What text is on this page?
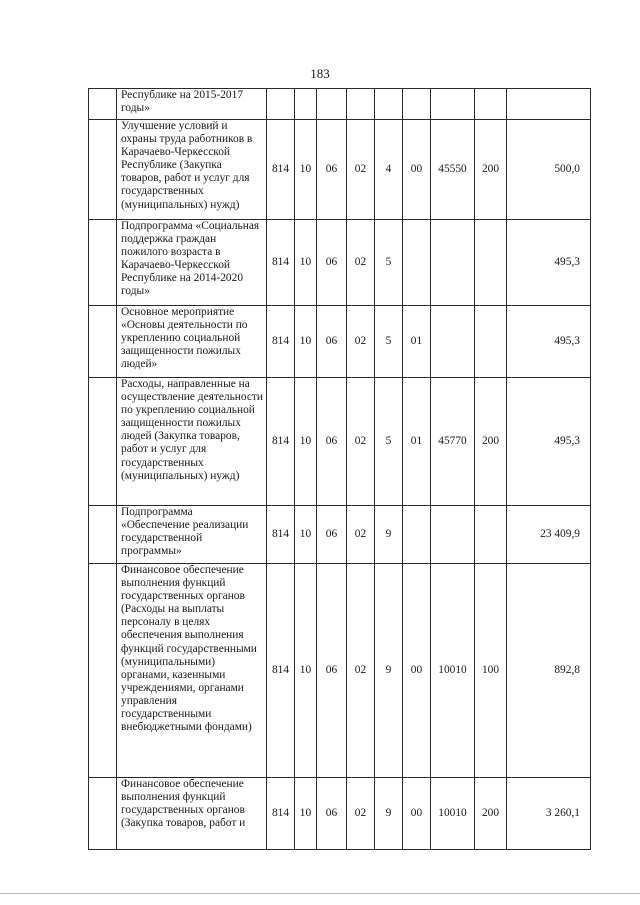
183
	Республике на 2015-2017 годы»									
	Улучшение условий и охраны труда работников в Карачаево-Черкесской Республике (Закупка товаров, работ и услуг для государственных (муниципальных) нужд)	814	10	06	02	4	00	45550	200	500,0
	Подпрограмма «Социальная поддержка граждан пожилого возраста в Карачаево-Черкесской Республике на 2014-2020 годы»	814	10	06	02	5				495,3
	Основное мероприятие «Основы деятельности по укреплению социальной защищенности пожилых людей»	814	10	06	02	5	01			495,3
	Расходы, направленные на осуществление деятельности по укреплению социальной защищенности пожилых людей (Закупка товаров, работ и услуг для государственных (муниципальных) нужд)	814	10	06	02	5	01	45770	200	495,3
	Подпрограмма «Обеспечение реализации государственной программы»	814	10	06	02	9				23 409,9
	Финансовое обеспечение выполнения функций государственных органов (Расходы на выплаты персоналу в целях обеспечения выполнения функций государственными (муниципальными) органами, казенными учреждениями, органами управления государственными внебюджетными фондами)	814	10	06	02	9	00	10010	100	892,8
	Финансовое обеспечение выполнения функций государственных органов (Закупка товаров, работ и	814	10	06	02	9	00	10010	200	3 260,1
